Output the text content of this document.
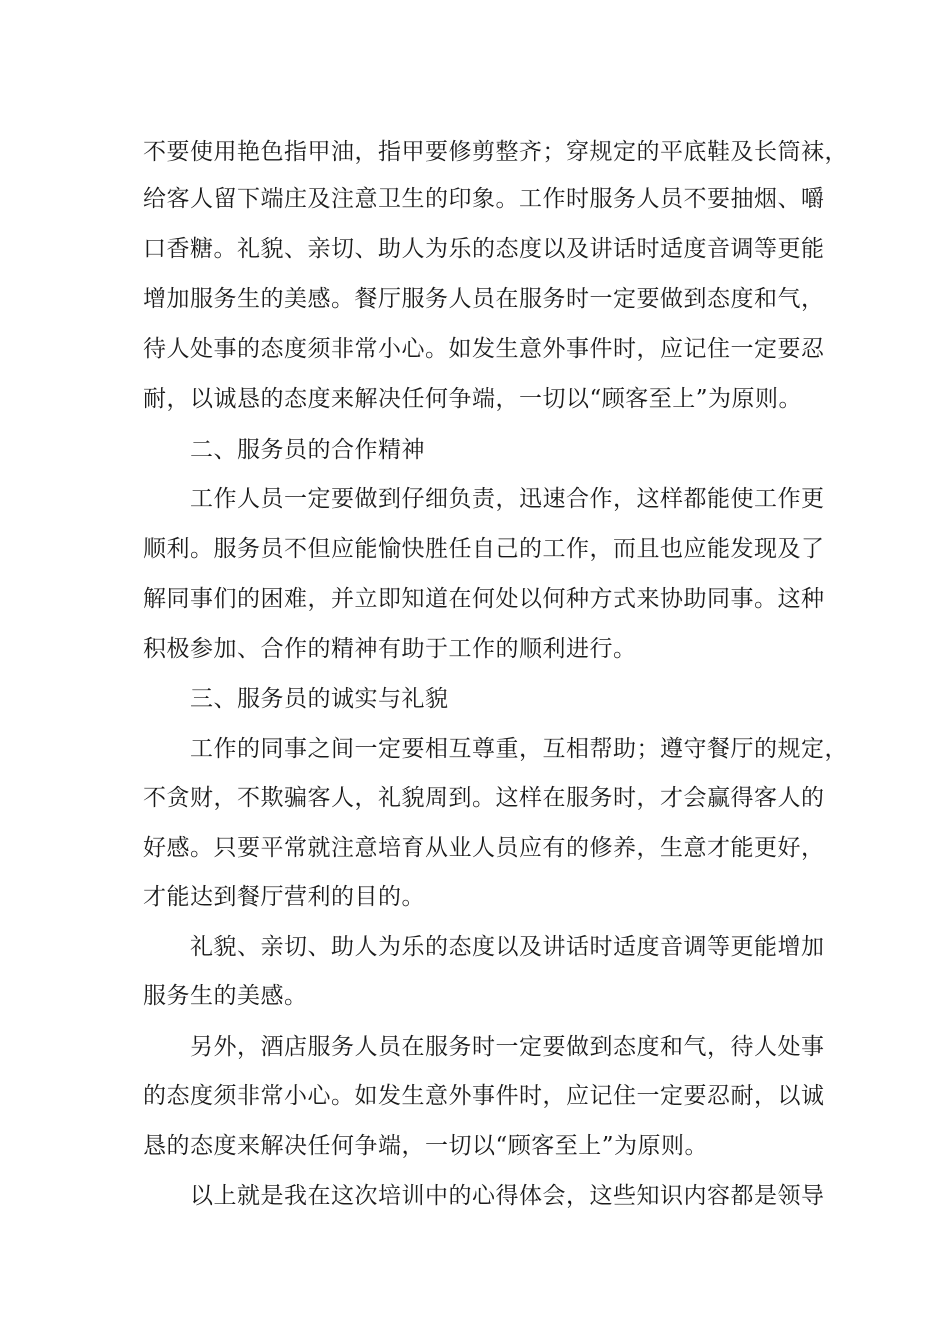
不要使用艳色指甲油，指甲要修剪整齐；穿规定的平底鞋及长筒袜，
给客人留下端庄及注意卫生的印象。工作时服务人员不要抽烟、嚼
口香糖。礼貌、亲切、助人为乐的态度以及讲话时适度音调等更能
增加服务生的美感。餐厅服务人员在服务时一定要做到态度和气，
待人处事的态度须非常小心。如发生意外事件时，应记住一定要忍
耐，以诚恳的态度来解决任何争端，一切以“顾客至上”为原则。
二、服务员的合作精神
工作人员一定要做到仔细负责，迅速合作，这样都能使工作更
顺利。服务员不但应能愉快胜任自己的工作，而且也应能发现及了
解同事们的困难，并立即知道在何处以何种方式来协助同事。这种
积极参加、合作的精神有助于工作的顺利进行。
三、服务员的诚实与礼貌
工作的同事之间一定要相互尊重，互相帮助；遵守餐厅的规定，
不贪财，不欺骗客人，礼貌周到。这样在服务时，才会赢得客人的
好感。只要平常就注意培育从业人员应有的修养，生意才能更好，
才能达到餐厅营利的目的。
礼貌、亲切、助人为乐的态度以及讲话时适度音调等更能增加
服务生的美感。
另外，酒店服务人员在服务时一定要做到态度和气，待人处事
的态度须非常小心。如发生意外事件时，应记住一定要忍耐，以诚
恳的态度来解决任何争端，一切以“顾客至上”为原则。
以上就是我在这次培训中的心得体会，这些知识内容都是领导
